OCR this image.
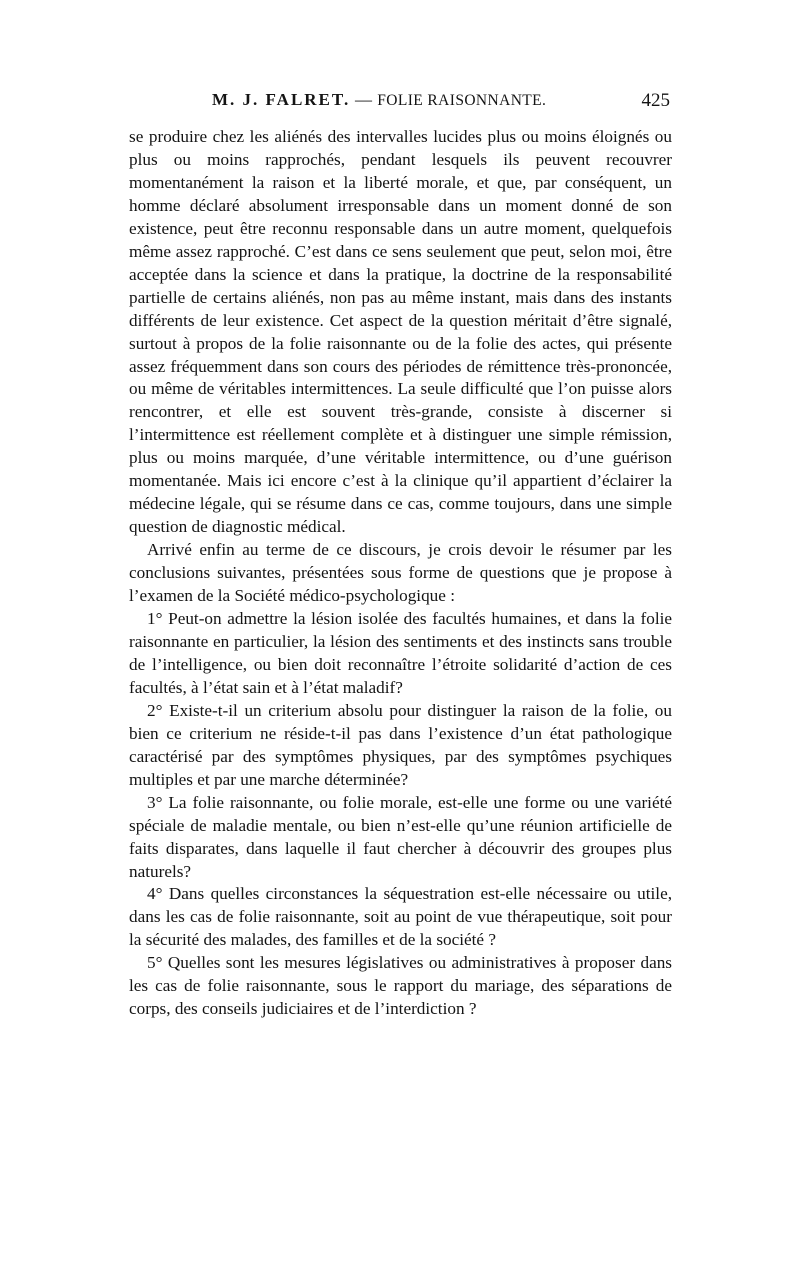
M. J. FALRET. — FOLIE RAISONNANTE.	425

se produire chez les aliénés des intervalles lucides plus ou moins éloignés ou plus ou moins rapprochés, pendant lesquels ils peuvent recouvrer momentanément la raison et la liberté morale, et que, par conséquent, un homme déclaré absolument irresponsable dans un moment donné de son existence, peut être reconnu responsable dans un autre moment, quelquefois même assez rapproché. C’est dans ce sens seulement que peut, selon moi, être acceptée dans la science et dans la pratique, la doctrine de la responsabilité partielle de certains aliénés, non pas au même instant, mais dans des instants différents de leur existence. Cet aspect de la question méritait d’être signalé, surtout à propos de la folie raisonnante ou de la folie des actes, qui présente assez fréquemment dans son cours des périodes de rémittence très-prononcée, ou même de véritables intermittences. La seule difficulté que l’on puisse alors rencontrer, et elle est souvent très-grande, consiste à discerner si l’intermittence est réellement complète et à distinguer une simple rémission, plus ou moins marquée, d’une véritable intermittence, ou d’une guérison momentanée. Mais ici encore c’est à la clinique qu’il appartient d’éclairer la médecine légale, qui se résume dans ce cas, comme toujours, dans une simple question de diagnostic médical.

Arrivé enfin au terme de ce discours, je crois devoir le résumer par les conclusions suivantes, présentées sous forme de questions que je propose à l’examen de la Société médico-psychologique :

1° Peut-on admettre la lésion isolée des facultés humaines, et dans la folie raisonnante en particulier, la lésion des sentiments et des instincts sans trouble de l’intelligence, ou bien doit reconnaître l’étroite solidarité d’action de ces facultés, à l’état sain et à l’état maladif?

2° Existe-t-il un criterium absolu pour distinguer la raison de la folie, ou bien ce criterium ne réside-t-il pas dans l’existence d’un état pathologique caractérisé par des symptômes physiques, par des symptômes psychiques multiples et par une marche déterminée?

3° La folie raisonnante, ou folie morale, est-elle une forme ou une variété spéciale de maladie mentale, ou bien n’est-elle qu’une réunion artificielle de faits disparates, dans laquelle il faut chercher à découvrir des groupes plus naturels?

4° Dans quelles circonstances la séquestration est-elle nécessaire ou utile, dans les cas de folie raisonnante, soit au point de vue thérapeutique, soit pour la sécurité des malades, des familles et de la société ?

5° Quelles sont les mesures législatives ou administratives à proposer dans les cas de folie raisonnante, sous le rapport du mariage, des séparations de corps, des conseils judiciaires et de l’interdiction ?
